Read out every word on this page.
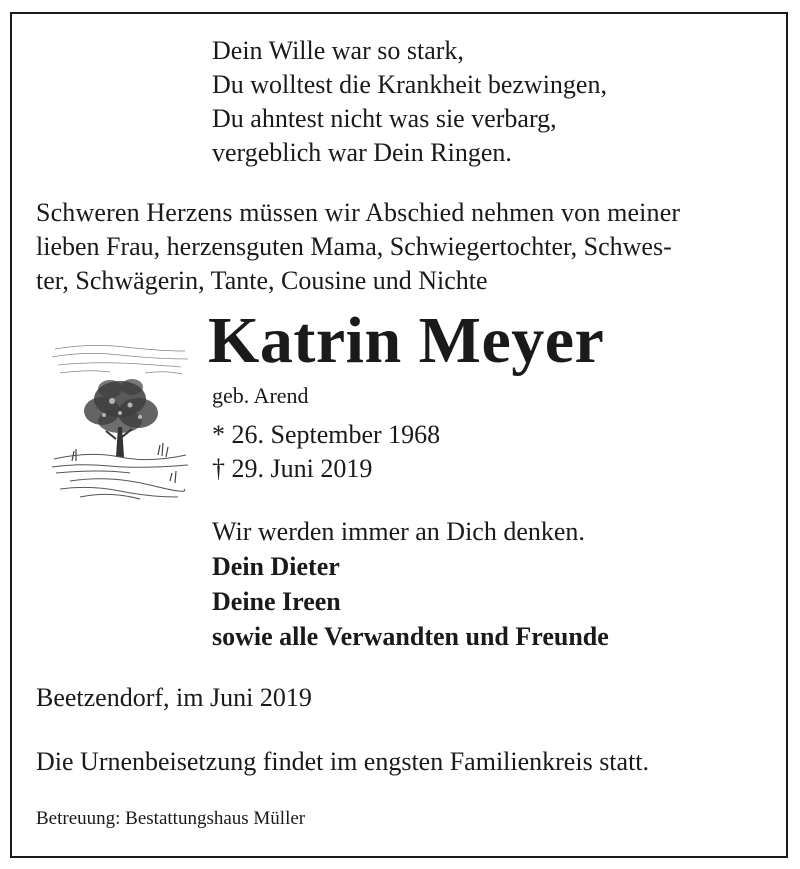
Dein Wille war so stark,
Du wolltest die Krankheit bezwingen,
Du ahntest nicht was sie verbarg,
vergeblich war Dein Ringen.
Schweren Herzens müssen wir Abschied nehmen von meiner
lieben Frau, herzensguten Mama, Schwiegertochter, Schwes-
ter, Schwägerin, Tante, Cousine und Nichte
Katrin Meyer
geb. Arend
* 26. September 1968
† 29. Juni 2019
Wir werden immer an Dich denken.
Dein Dieter
Deine Ireen
sowie alle Verwandten und Freunde
Beetzendorf, im Juni 2019
Die Urnenbeisetzung findet im engsten Familienkreis statt.
Betreuung: Bestattungshaus Müller
